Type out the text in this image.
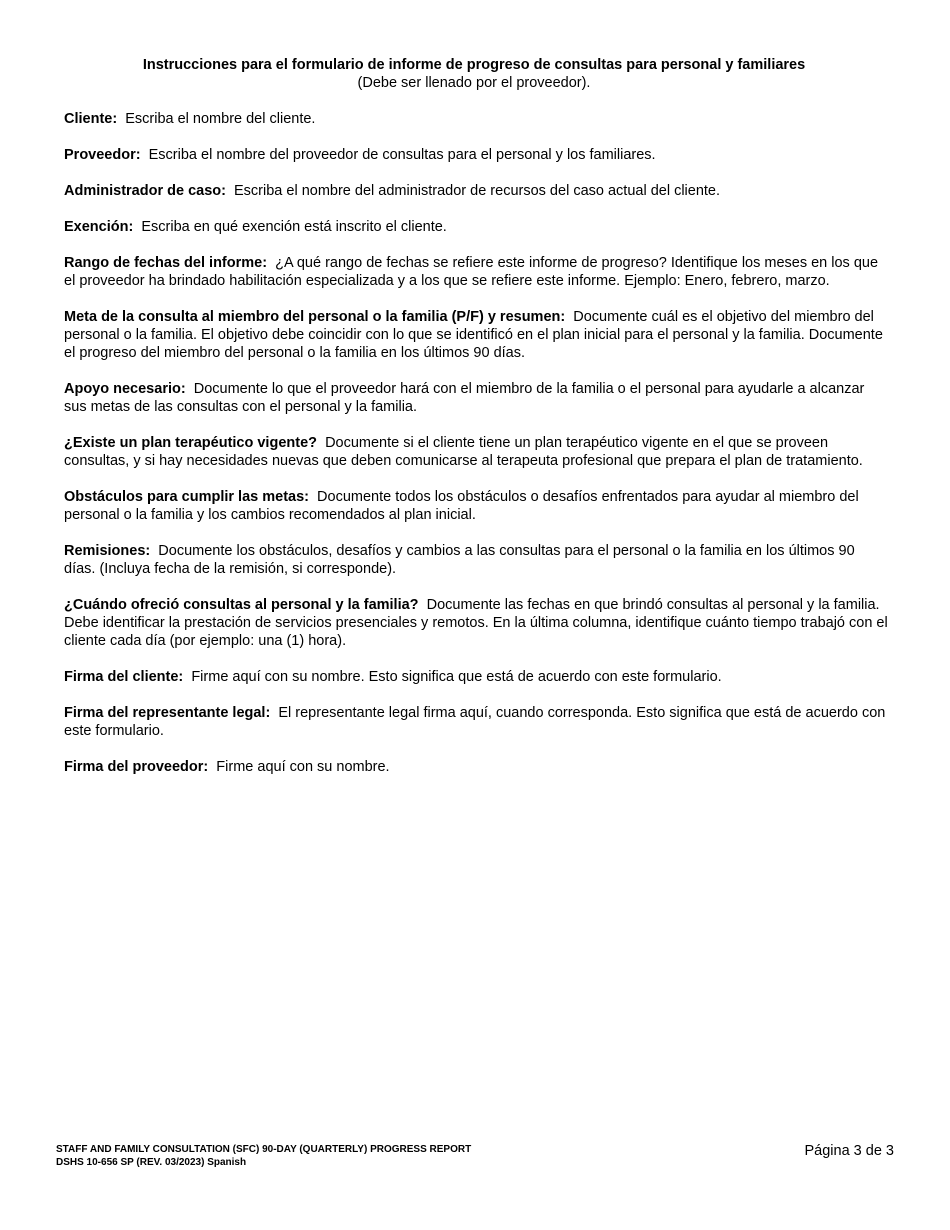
Instrucciones para el formulario de informe de progreso de consultas para personal y familiares
(Debe ser llenado por el proveedor).

Cliente: Escriba el nombre del cliente.

Proveedor: Escriba el nombre del proveedor de consultas para el personal y los familiares.

Administrador de caso: Escriba el nombre del administrador de recursos del caso actual del cliente.

Exención: Escriba en qué exención está inscrito el cliente.

Rango de fechas del informe: ¿A qué rango de fechas se refiere este informe de progreso? Identifique los meses en los que el proveedor ha brindado habilitación especializada y a los que se refiere este informe. Ejemplo: Enero, febrero, marzo.

Meta de la consulta al miembro del personal o la familia (P/F) y resumen: Documente cuál es el objetivo del miembro del personal o la familia. El objetivo debe coincidir con lo que se identificó en el plan inicial para el personal y la familia. Documente el progreso del miembro del personal o la familia en los últimos 90 días.

Apoyo necesario: Documente lo que el proveedor hará con el miembro de la familia o el personal para ayudarle a alcanzar sus metas de las consultas con el personal y la familia.

¿Existe un plan terapéutico vigente? Documente si el cliente tiene un plan terapéutico vigente en el que se proveen consultas, y si hay necesidades nuevas que deben comunicarse al terapeuta profesional que prepara el plan de tratamiento.

Obstáculos para cumplir las metas: Documente todos los obstáculos o desafíos enfrentados para ayudar al miembro del personal o la familia y los cambios recomendados al plan inicial.

Remisiones: Documente los obstáculos, desafíos y cambios a las consultas para el personal o la familia en los últimos 90 días. (Incluya fecha de la remisión, si corresponde).

¿Cuándo ofreció consultas al personal y la familia? Documente las fechas en que brindó consultas al personal y la familia. Debe identificar la prestación de servicios presenciales y remotos. En la última columna, identifique cuánto tiempo trabajó con el cliente cada día (por ejemplo: una (1) hora).

Firma del cliente: Firme aquí con su nombre. Esto significa que está de acuerdo con este formulario.

Firma del representante legal: El representante legal firma aquí, cuando corresponda. Esto significa que está de acuerdo con este formulario.

Firma del proveedor: Firme aquí con su nombre.

STAFF AND FAMILY CONSULTATION (SFC) 90-DAY (QUARTERLY) PROGRESS REPORT
DSHS 10-656 SP (REV. 03/2023) Spanish
Página 3 de 3
